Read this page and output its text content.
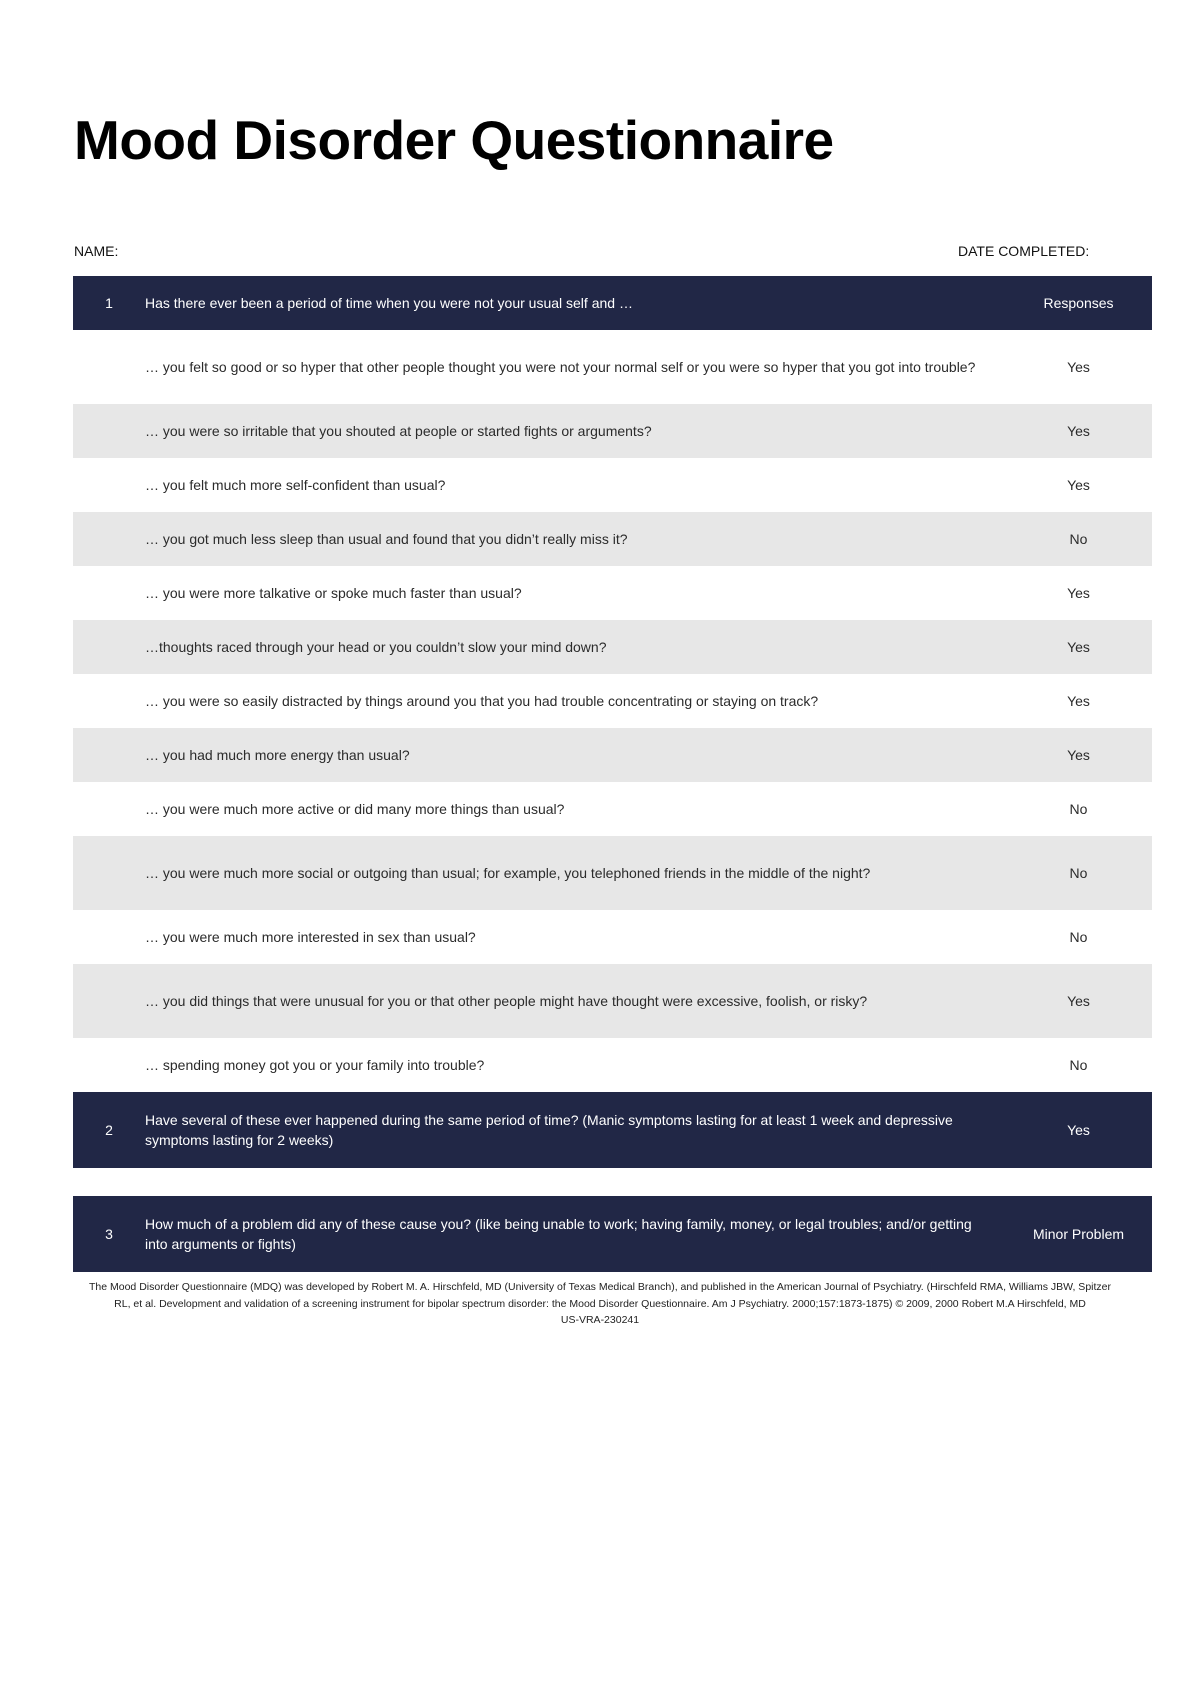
Mood Disorder Questionnaire
NAME:	DATE COMPLETED:
1	Has there ever been a period of time when you were not your usual self and …	Responses
	… you felt so good or so hyper that other people thought you were not your normal self or you were so hyper that you got into trouble?	Yes
	… you were so irritable that you shouted at people or started fights or arguments?	Yes
	… you felt much more self-confident than usual?	Yes
	… you got much less sleep than usual and found that you didn’t really miss it?	No
	… you were more talkative or spoke much faster than usual?	Yes
	…thoughts raced through your head or you couldn’t slow your mind down?	Yes
	… you were so easily distracted by things around you that you had trouble concentrating or staying on track?	Yes
	… you had much more energy than usual?	Yes
	… you were much more active or did many more things than usual?	No
	… you were much more social or outgoing than usual; for example, you telephoned friends in the middle of the night?	No
	… you were much more interested in sex than usual?	No
	… you did things that were unusual for you or that other people might have thought were excessive, foolish, or risky?	Yes
	… spending money got you or your family into trouble?	No
2	Have several of these ever happened during the same period of time? (Manic symptoms lasting for at least 1 week and depressive symptoms lasting for 2 weeks)	Yes

3	How much of a problem did any of these cause you? (like being unable to work; having family, money, or legal troubles; and/or getting into arguments or fights)	Minor Problem

The Mood Disorder Questionnaire (MDQ) was developed by Robert M. A. Hirschfeld, MD (University of Texas Medical Branch), and published in the American Journal of Psychiatry. (Hirschfeld RMA, Williams JBW, Spitzer RL, et al. Development and validation of a screening instrument for bipolar spectrum disorder: the Mood Disorder Questionnaire. Am J Psychiatry. 2000;157:1873-1875) © 2009, 2000 Robert M.A Hirschfeld, MD

US-VRA-230241
